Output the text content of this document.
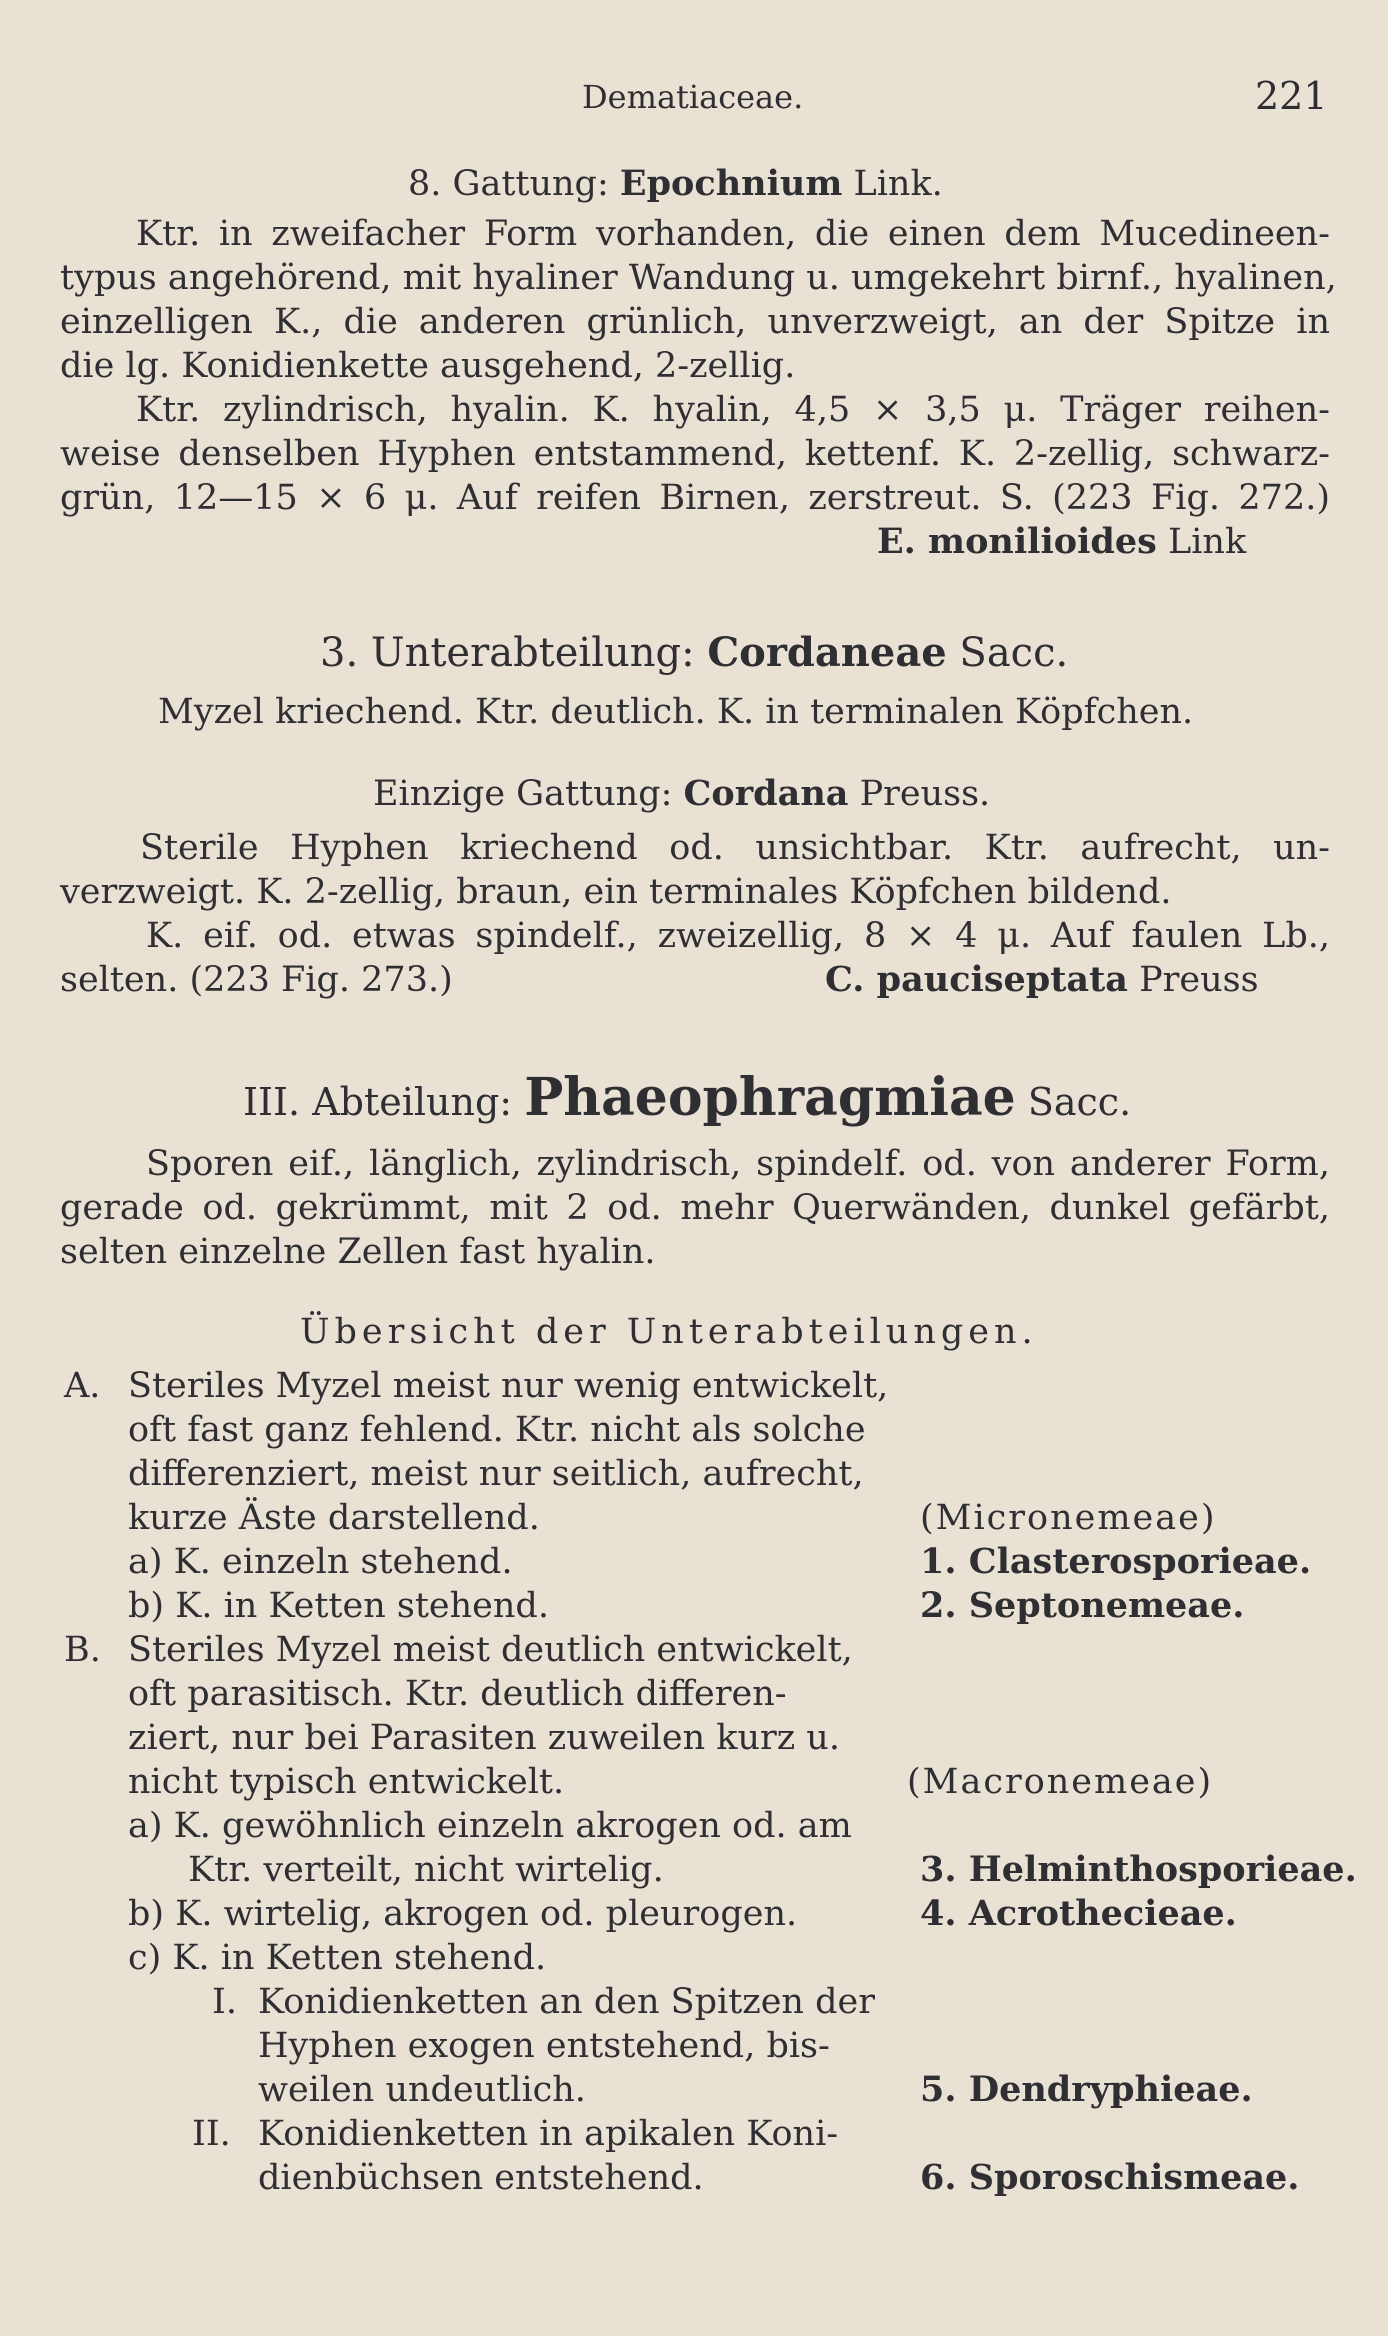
Dematiaceae.	221
8. Gattung: Epochnium Link.
Ktr. in zweifacher Form vorhanden, die einen dem Mucedineen-
typus angehörend, mit hyaliner Wandung u. umgekehrt birnf., hyalinen,
einzelligen K., die anderen grünlich, unverzweigt, an der Spitze in
die lg. Konidienkette ausgehend, 2-zellig.
Ktr. zylindrisch, hyalin. K. hyalin, 4,5 × 3,5 μ. Träger reihen-
weise denselben Hyphen entstammend, kettenf. K. 2-zellig, schwarz-
grün, 12—15 × 6 μ. Auf reifen Birnen, zerstreut. S. (223 Fig. 272.)
E. monilioides Link
3. Unterabteilung: Cordaneae Sacc.
Myzel kriechend. Ktr. deutlich. K. in terminalen Köpfchen.
Einzige Gattung: Cordana Preuss.
Sterile Hyphen kriechend od. unsichtbar. Ktr. aufrecht, un-
verzweigt. K. 2-zellig, braun, ein terminales Köpfchen bildend.
K. eif. od. etwas spindelf., zweizellig, 8 × 4 μ. Auf faulen Lb.,
selten. (223 Fig. 273.)	C. pauciseptata Preuss
III. Abteilung: Phaeophragmiae Sacc.
Sporen eif., länglich, zylindrisch, spindelf. od. von anderer Form,
gerade od. gekrümmt, mit 2 od. mehr Querwänden, dunkel gefärbt,
selten einzelne Zellen fast hyalin.
Übersicht der Unterabteilungen.
A. Steriles Myzel meist nur wenig entwickelt,
oft fast ganz fehlend. Ktr. nicht als solche
differenziert, meist nur seitlich, aufrecht,
kurze Äste darstellend.	(Micronemeae)
a) K. einzeln stehend.	1. Clasterosporieae.
b) K. in Ketten stehend.	2. Septonemeae.
B. Steriles Myzel meist deutlich entwickelt,
oft parasitisch. Ktr. deutlich differen-
ziert, nur bei Parasiten zuweilen kurz u.
nicht typisch entwickelt.	(Macronemeae)
a) K. gewöhnlich einzeln akrogen od. am
Ktr. verteilt, nicht wirtelig.	3. Helminthosporieae.
b) K. wirtelig, akrogen od. pleurogen.	4. Acrothecieae.
c) K. in Ketten stehend.
I. Konidienketten an den Spitzen der
Hyphen exogen entstehend, bis-
weilen undeutlich.	5. Dendryphieae.
II. Konidienketten in apikalen Koni-
dienbüchsen entstehend.	6. Sporoschismeae.
